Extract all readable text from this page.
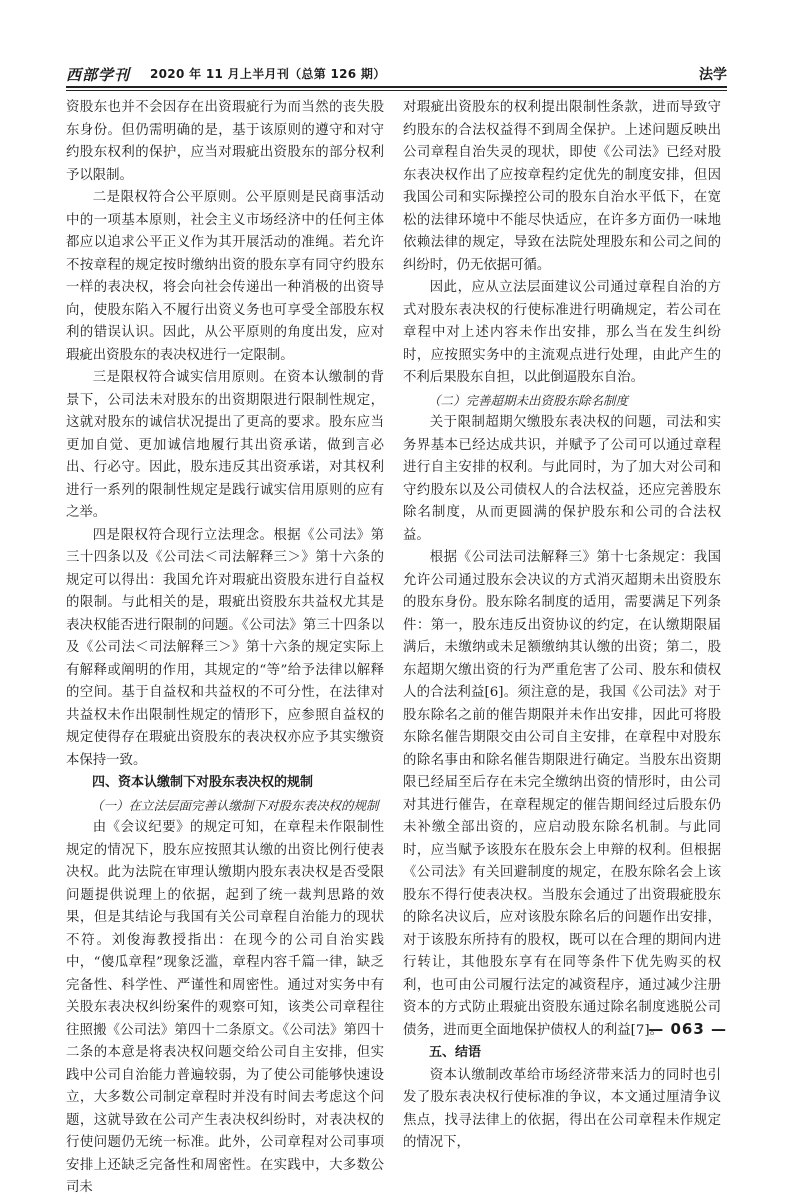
西部学刊 2020 年 11 月上半月刊（总第 126 期）	法学

资股东也并不会因存在出资瑕疵行为而当然的丧失股东身份。但仍需明确的是，基于该原则的遵守和对守约股东权利的保护，应当对瑕疵出资股东的部分权利予以限制。

二是限权符合公平原则。公平原则是民商事活动中的一项基本原则，社会主义市场经济中的任何主体都应以追求公平正义作为其开展活动的准绳。若允许不按章程的规定按时缴纳出资的股东享有同守约股东一样的表决权，将会向社会传递出一种消极的出资导向，使股东陷入不履行出资义务也可享受全部股东权利的错误认识。因此，从公平原则的角度出发，应对瑕疵出资股东的表决权进行一定限制。

三是限权符合诚实信用原则。在资本认缴制的背景下，公司法未对股东的出资期限进行限制性规定，这就对股东的诚信状况提出了更高的要求。股东应当更加自觉、更加诚信地履行其出资承诺，做到言必出、行必守。因此，股东违反其出资承诺，对其权利进行一系列的限制性规定是践行诚实信用原则的应有之举。

四是限权符合现行立法理念。根据《公司法》第三十四条以及《公司法＜司法解释三＞》第十六条的规定可以得出：我国允许对瑕疵出资股东进行自益权的限制。与此相关的是，瑕疵出资股东共益权尤其是表决权能否进行限制的问题。《公司法》第三十四条以及《公司法＜司法解释三＞》第十六条的规定实际上有解释或阐明的作用，其规定的“等”给予法律以解释的空间。基于自益权和共益权的不可分性，在法律对共益权未作出限制性规定的情形下，应参照自益权的规定使得存在瑕疵出资股东的表决权亦应予其实缴资本保持一致。

四、资本认缴制下对股东表决权的规制

（一）在立法层面完善认缴制下对股东表决权的规制

由《会议纪要》的规定可知，在章程未作限制性规定的情况下，股东应按照其认缴的出资比例行使表决权。此为法院在审理认缴期内股东表决权是否受限问题提供说理上的依据，起到了统一裁判思路的效果，但是其结论与我国有关公司章程自治能力的现状不符。刘俊海教授指出：在现今的公司自治实践中，“傻瓜章程”现象泛滥，章程内容千篇一律，缺乏完备性、科学性、严谨性和周密性。通过对实务中有关股东表决权纠纷案件的观察可知，该类公司章程往往照搬《公司法》第四十二条原文。《公司法》第四十二条的本意是将表决权问题交给公司自主安排，但实践中公司自治能力普遍较弱，为了使公司能够快速设立，大多数公司制定章程时并没有时间去考虑这个问题，这就导致在公司产生表决权纠纷时，对表决权的行使问题仍无统一标准。此外，公司章程对公司事项安排上还缺乏完备性和周密性。在实践中，大多数公司未

对瑕疵出资股东的权利提出限制性条款，进而导致守约股东的合法权益得不到周全保护。上述问题反映出公司章程自治失灵的现状，即使《公司法》已经对股东表决权作出了应按章程约定优先的制度安排，但因我国公司和实际操控公司的股东自治水平低下，在宽松的法律环境中不能尽快适应，在许多方面仍一味地依赖法律的规定，导致在法院处理股东和公司之间的纠纷时，仍无依据可循。

因此，应从立法层面建议公司通过章程自治的方式对股东表决权的行使标准进行明确规定，若公司在章程中对上述内容未作出安排，那么当在发生纠纷时，应按照实务中的主流观点进行处理，由此产生的不利后果股东自担，以此倒逼股东自治。

（二）完善超期未出资股东除名制度

关于限制超期欠缴股东表决权的问题，司法和实务界基本已经达成共识，并赋予了公司可以通过章程进行自主安排的权利。与此同时，为了加大对公司和守约股东以及公司债权人的合法权益，还应完善股东除名制度，从而更圆满的保护股东和公司的合法权益。

根据《公司法司法解释三》第十七条规定：我国允许公司通过股东会决议的方式消灭超期未出资股东的股东身份。股东除名制度的适用，需要满足下列条件：第一，股东违反出资协议的约定，在认缴期限届满后，未缴纳或未足额缴纳其认缴的出资；第二，股东超期欠缴出资的行为严重危害了公司、股东和债权人的合法利益[6]。须注意的是，我国《公司法》对于股东除名之前的催告期限并未作出安排，因此可将股东除名催告期限交由公司自主安排，在章程中对股东的除名事由和除名催告期限进行确定。当股东出资期限已经届至后存在未完全缴纳出资的情形时，由公司对其进行催告，在章程规定的催告期间经过后股东仍未补缴全部出资的，应启动股东除名机制。与此同时，应当赋予该股东在股东会上申辩的权利。但根据《公司法》有关回避制度的规定，在股东除名会上该股东不得行使表决权。当股东会通过了出资瑕疵股东的除名决议后，应对该股东除名后的问题作出安排，对于该股东所持有的股权，既可以在合理的期间内进行转让，其他股东享有在同等条件下优先购买的权利，也可由公司履行法定的减资程序，通过减少注册资本的方式防止瑕疵出资股东通过除名制度逃脱公司债务，进而更全面地保护债权人的利益[7]。

五、结语

资本认缴制改革给市场经济带来活力的同时也引发了股东表决权行使标准的争议，本文通过厘清争议焦点，找寻法律上的依据，得出在公司章程未作规定的情况下，

— 063 —
